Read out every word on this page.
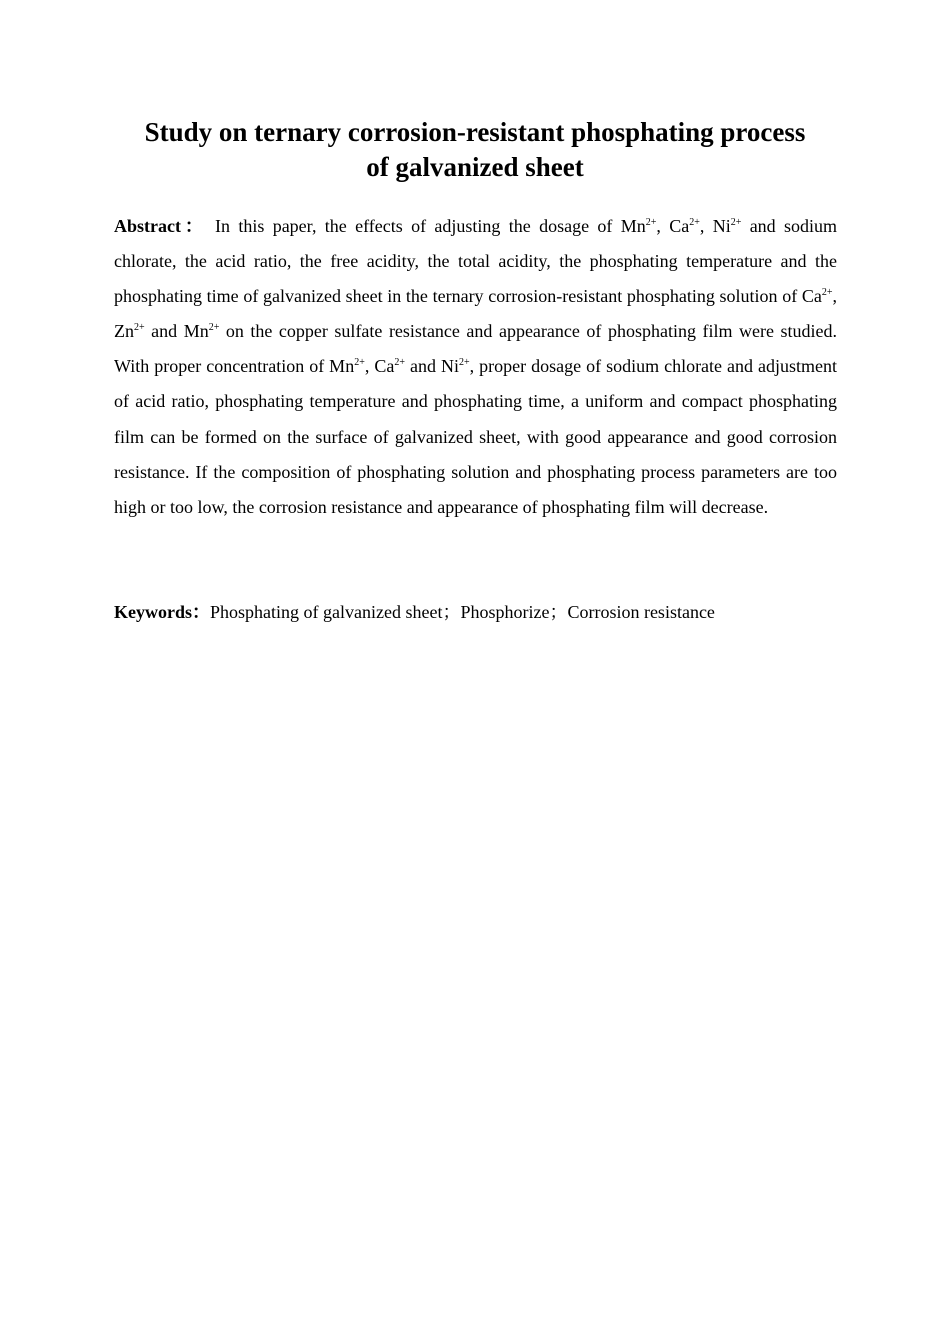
Study on ternary corrosion-resistant phosphating process
of galvanized sheet

Abstract： In this paper, the effects of adjusting the dosage of $Mn^{2+}$, $Ca^{2+}$, $Ni^{2+}$ and sodium chlorate, the acid ratio, the free acidity, the total acidity, the phosphating temperature and the phosphating time of galvanized sheet in the ternary corrosion-resistant phosphating solution of $Ca^{2+}$, $Zn^{2+}$ and $Mn^{2+}$ on the copper sulfate resistance and appearance of phosphating film were studied. With proper concentration of $Mn^{2+}$, $Ca^{2+}$ and $Ni^{2+}$, proper dosage of sodium chlorate and adjustment of acid ratio, phosphating temperature and phosphating time, a uniform and compact phosphating film can be formed on the surface of galvanized sheet, with good appearance and good corrosion resistance. If the composition of phosphating solution and phosphating process parameters are too high or too low, the corrosion resistance and appearance of phosphating film will decrease.

Keywords：Phosphating of galvanized sheet；Phosphorize；Corrosion resistance
